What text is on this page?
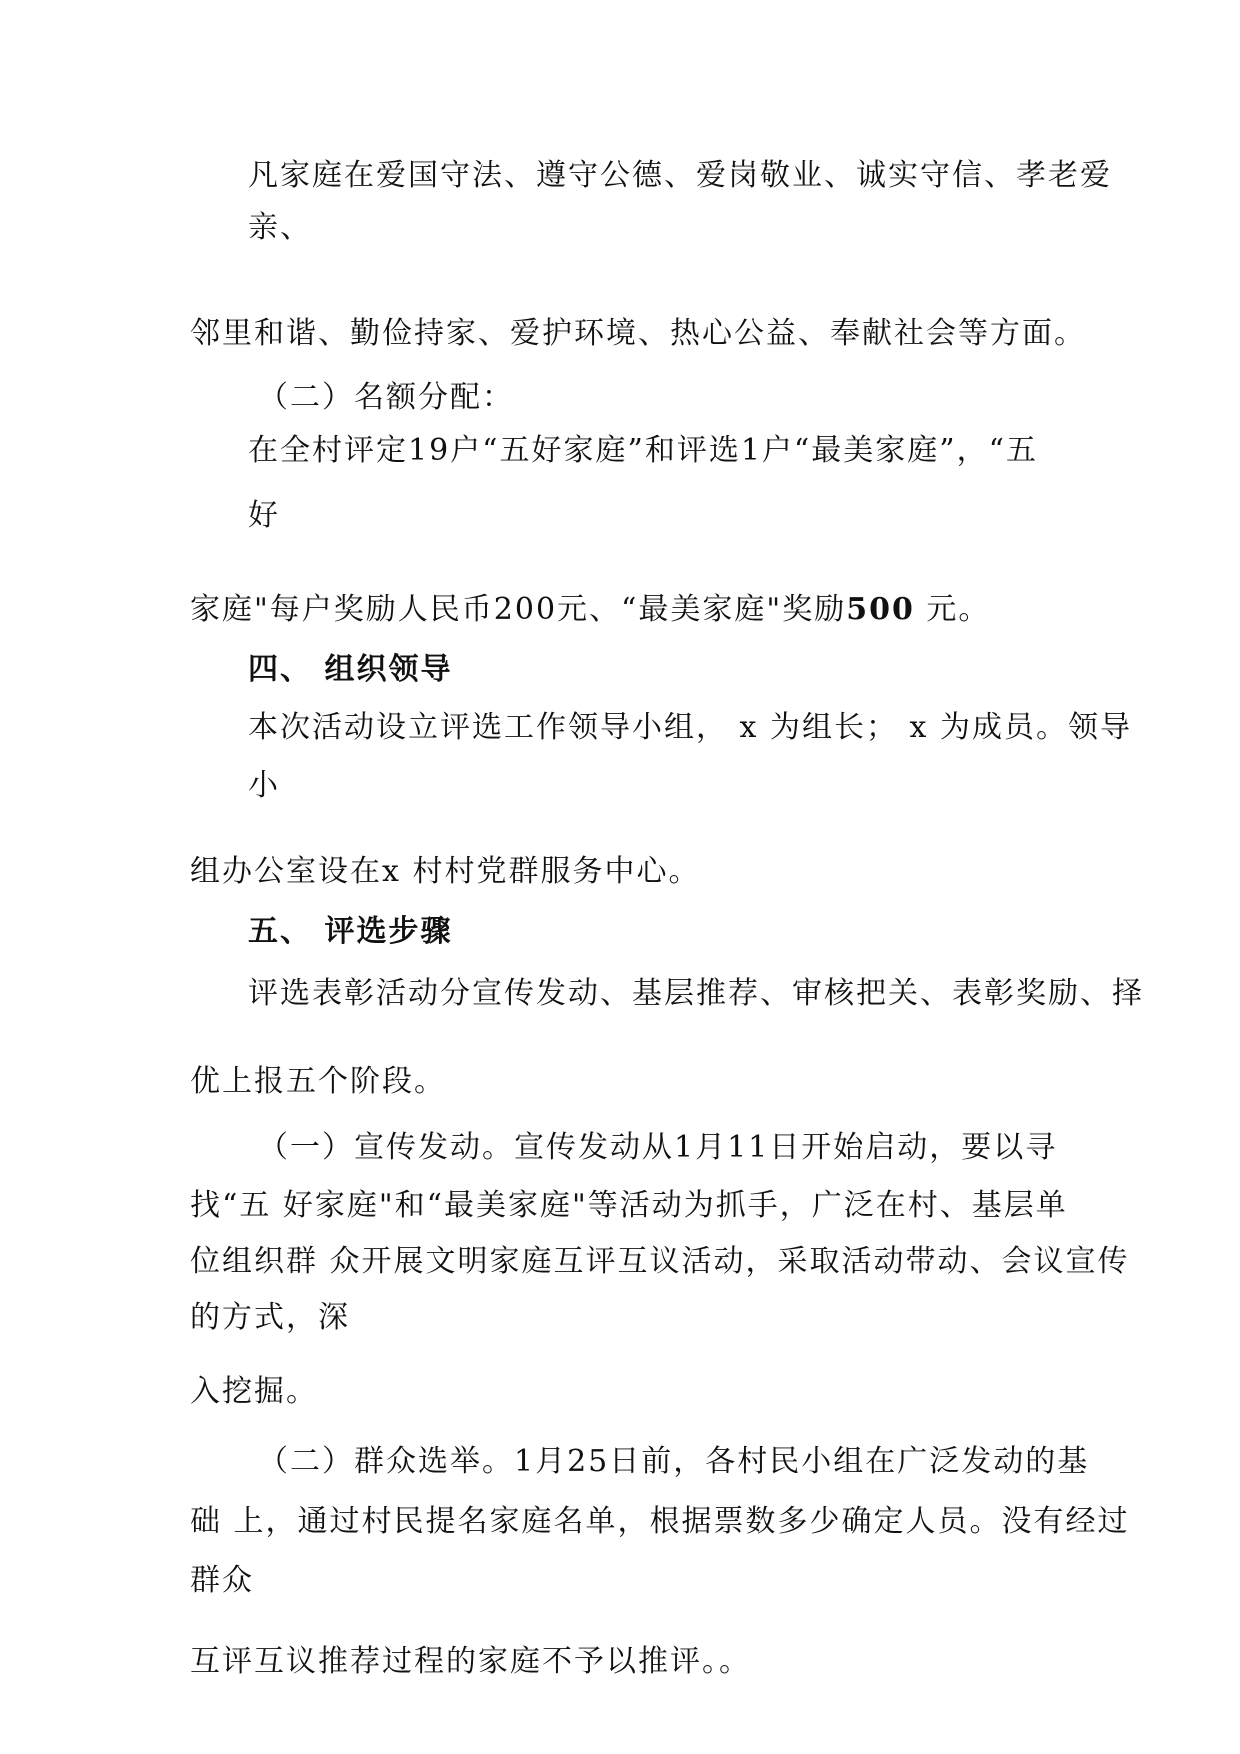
凡家庭在爱国守法、遵守公德、爱岗敬业、诚实守信、孝老爱
亲、
邻里和谐、勤俭持家、爱护环境、热心公益、奉献社会等方面。
（二）名额分配：
在全村评定19户“五好家庭”和评选1户“最美家庭”，“五
好
家庭"每户奖励人民币200元、“最美家庭"奖励500 元。
四、 组织领导
本次活动设立评选工作领导小组， x 为组长； x 为成员。领导
小
组办公室设在x 村村党群服务中心。
五、 评选步骤
评选表彰活动分宣传发动、基层推荐、审核把关、表彰奖励、择
优上报五个阶段。
（一）宣传发动。宣传发动从1月11日开始启动，要以寻
找“五 好家庭"和“最美家庭"等活动为抓手，广泛在村、基层单
位组织群 众开展文明家庭互评互议活动，采取活动带动、会议宣传
的方式，深
入挖掘。
（二）群众选举。1月25日前，各村民小组在广泛发动的基
础 上，通过村民提名家庭名单，根据票数多少确定人员。没有经过
群众
互评互议推荐过程的家庭不予以推评。。
